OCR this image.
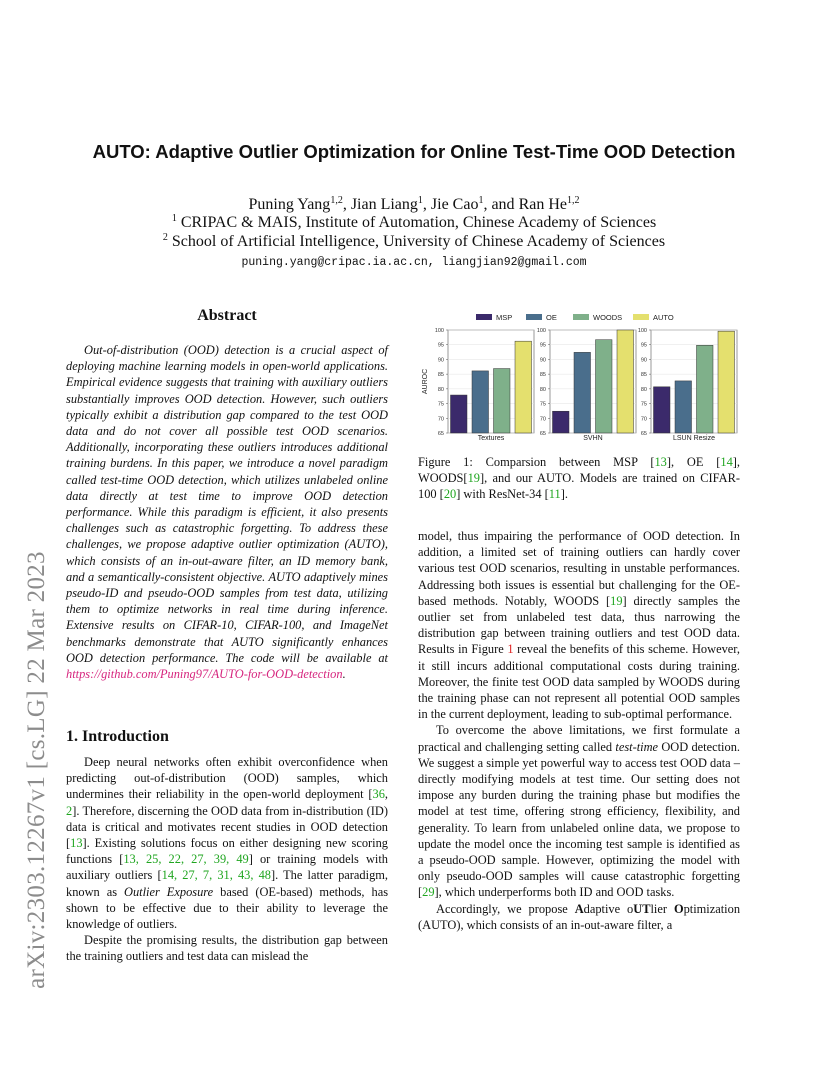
arXiv:2303.12267v1 [cs.LG] 22 Mar 2023
AUTO: Adaptive Outlier Optimization for Online Test-Time OOD Detection
Puning Yang$^{1,2}$, Jian Liang$^1$, Jie Cao$^1$, and Ran He$^{1,2}$
$^1$ CRIPAC & MAIS, Institute of Automation, Chinese Academy of Sciences
$^2$ School of Artificial Intelligence, University of Chinese Academy of Sciences
puning.yang@cripac.ia.ac.cn, liangjian92@gmail.com
Abstract

Out-of-distribution (OOD) detection is a crucial aspect of deploying machine learning models in open-world applications. Empirical evidence suggests that training with auxiliary outliers substantially improves OOD detection. However, such outliers typically exhibit a distribution gap compared to the test OOD data and do not cover all possible test OOD scenarios. Additionally, incorporating these outliers introduces additional training burdens. In this paper, we introduce a novel paradigm called test-time OOD detection, which utilizes unlabeled online data directly at test time to improve OOD detection performance. While this paradigm is efficient, it also presents challenges such as catastrophic forgetting. To address these challenges, we propose adaptive outlier optimization (AUTO), which consists of an in-out-aware filter, an ID memory bank, and a semantically-consistent objective. AUTO adaptively mines pseudo-ID and pseudo-OOD samples from test data, utilizing them to optimize networks in real time during inference. Extensive results on CIFAR-10, CIFAR-100, and ImageNet benchmarks demonstrate that AUTO significantly enhances OOD detection performance. The code will be available at https://github.com/Puning97/AUTO-for-OOD-detection.

1. Introduction

Deep neural networks often exhibit overconfidence when predicting out-of-distribution (OOD) samples, which undermines their reliability in the open-world deployment [36, 2]. Therefore, discerning the OOD data from in-distribution (ID) data is critical and motivates recent studies in OOD detection [13]. Existing solutions focus on either designing new scoring functions [13, 25, 22, 27, 39, 49] or training models with auxiliary outliers [14, 27, 7, 31, 43, 48]. The latter paradigm, known as Outlier Exposure based (OE-based) methods, has shown to be effective due to their ability to leverage the knowledge of outliers.

Despite the promising results, the distribution gap between the training outliers and test data can mislead the

MSP	OE	WOODS	AUTO
AUROC
65
70
75
80
85
90
95
100
Textures
65
70
75
80
85
90
95
100
SVHN
65
70
75
80
85
90
95
100
LSUN Resize

Figure 1: Comparsion between MSP [13], OE [14], WOODS[19], and our AUTO. Models are trained on CIFAR-100 [20] with ResNet-34 [11].

model, thus impairing the performance of OOD detection. In addition, a limited set of training outliers can hardly cover various test OOD scenarios, resulting in unstable performances. Addressing both issues is essential but challenging for the OE-based methods. Notably, WOODS [19] directly samples the outlier set from unlabeled test data, thus narrowing the distribution gap between training outliers and test OOD data. Results in Figure 1 reveal the benefits of this scheme. However, it still incurs additional computational costs during training. Moreover, the finite test OOD data sampled by WOODS during the training phase can not represent all potential OOD samples in the current deployment, leading to sub-optimal performance.

To overcome the above limitations, we first formulate a practical and challenging setting called test-time OOD detection. We suggest a simple yet powerful way to access test OOD data – directly modifying models at test time. Our setting does not impose any burden during the training phase but modifies the model at test time, offering strong efficiency, flexibility, and generality. To learn from unlabeled online data, we propose to update the model once the incoming test sample is identified as a pseudo-OOD sample. However, optimizing the model with only pseudo-OOD samples will cause catastrophic forgetting [29], which underperforms both ID and OOD tasks.

Accordingly, we propose Adaptive oUTlier Optimization (AUTO), which consists of an in-out-aware filter, a
